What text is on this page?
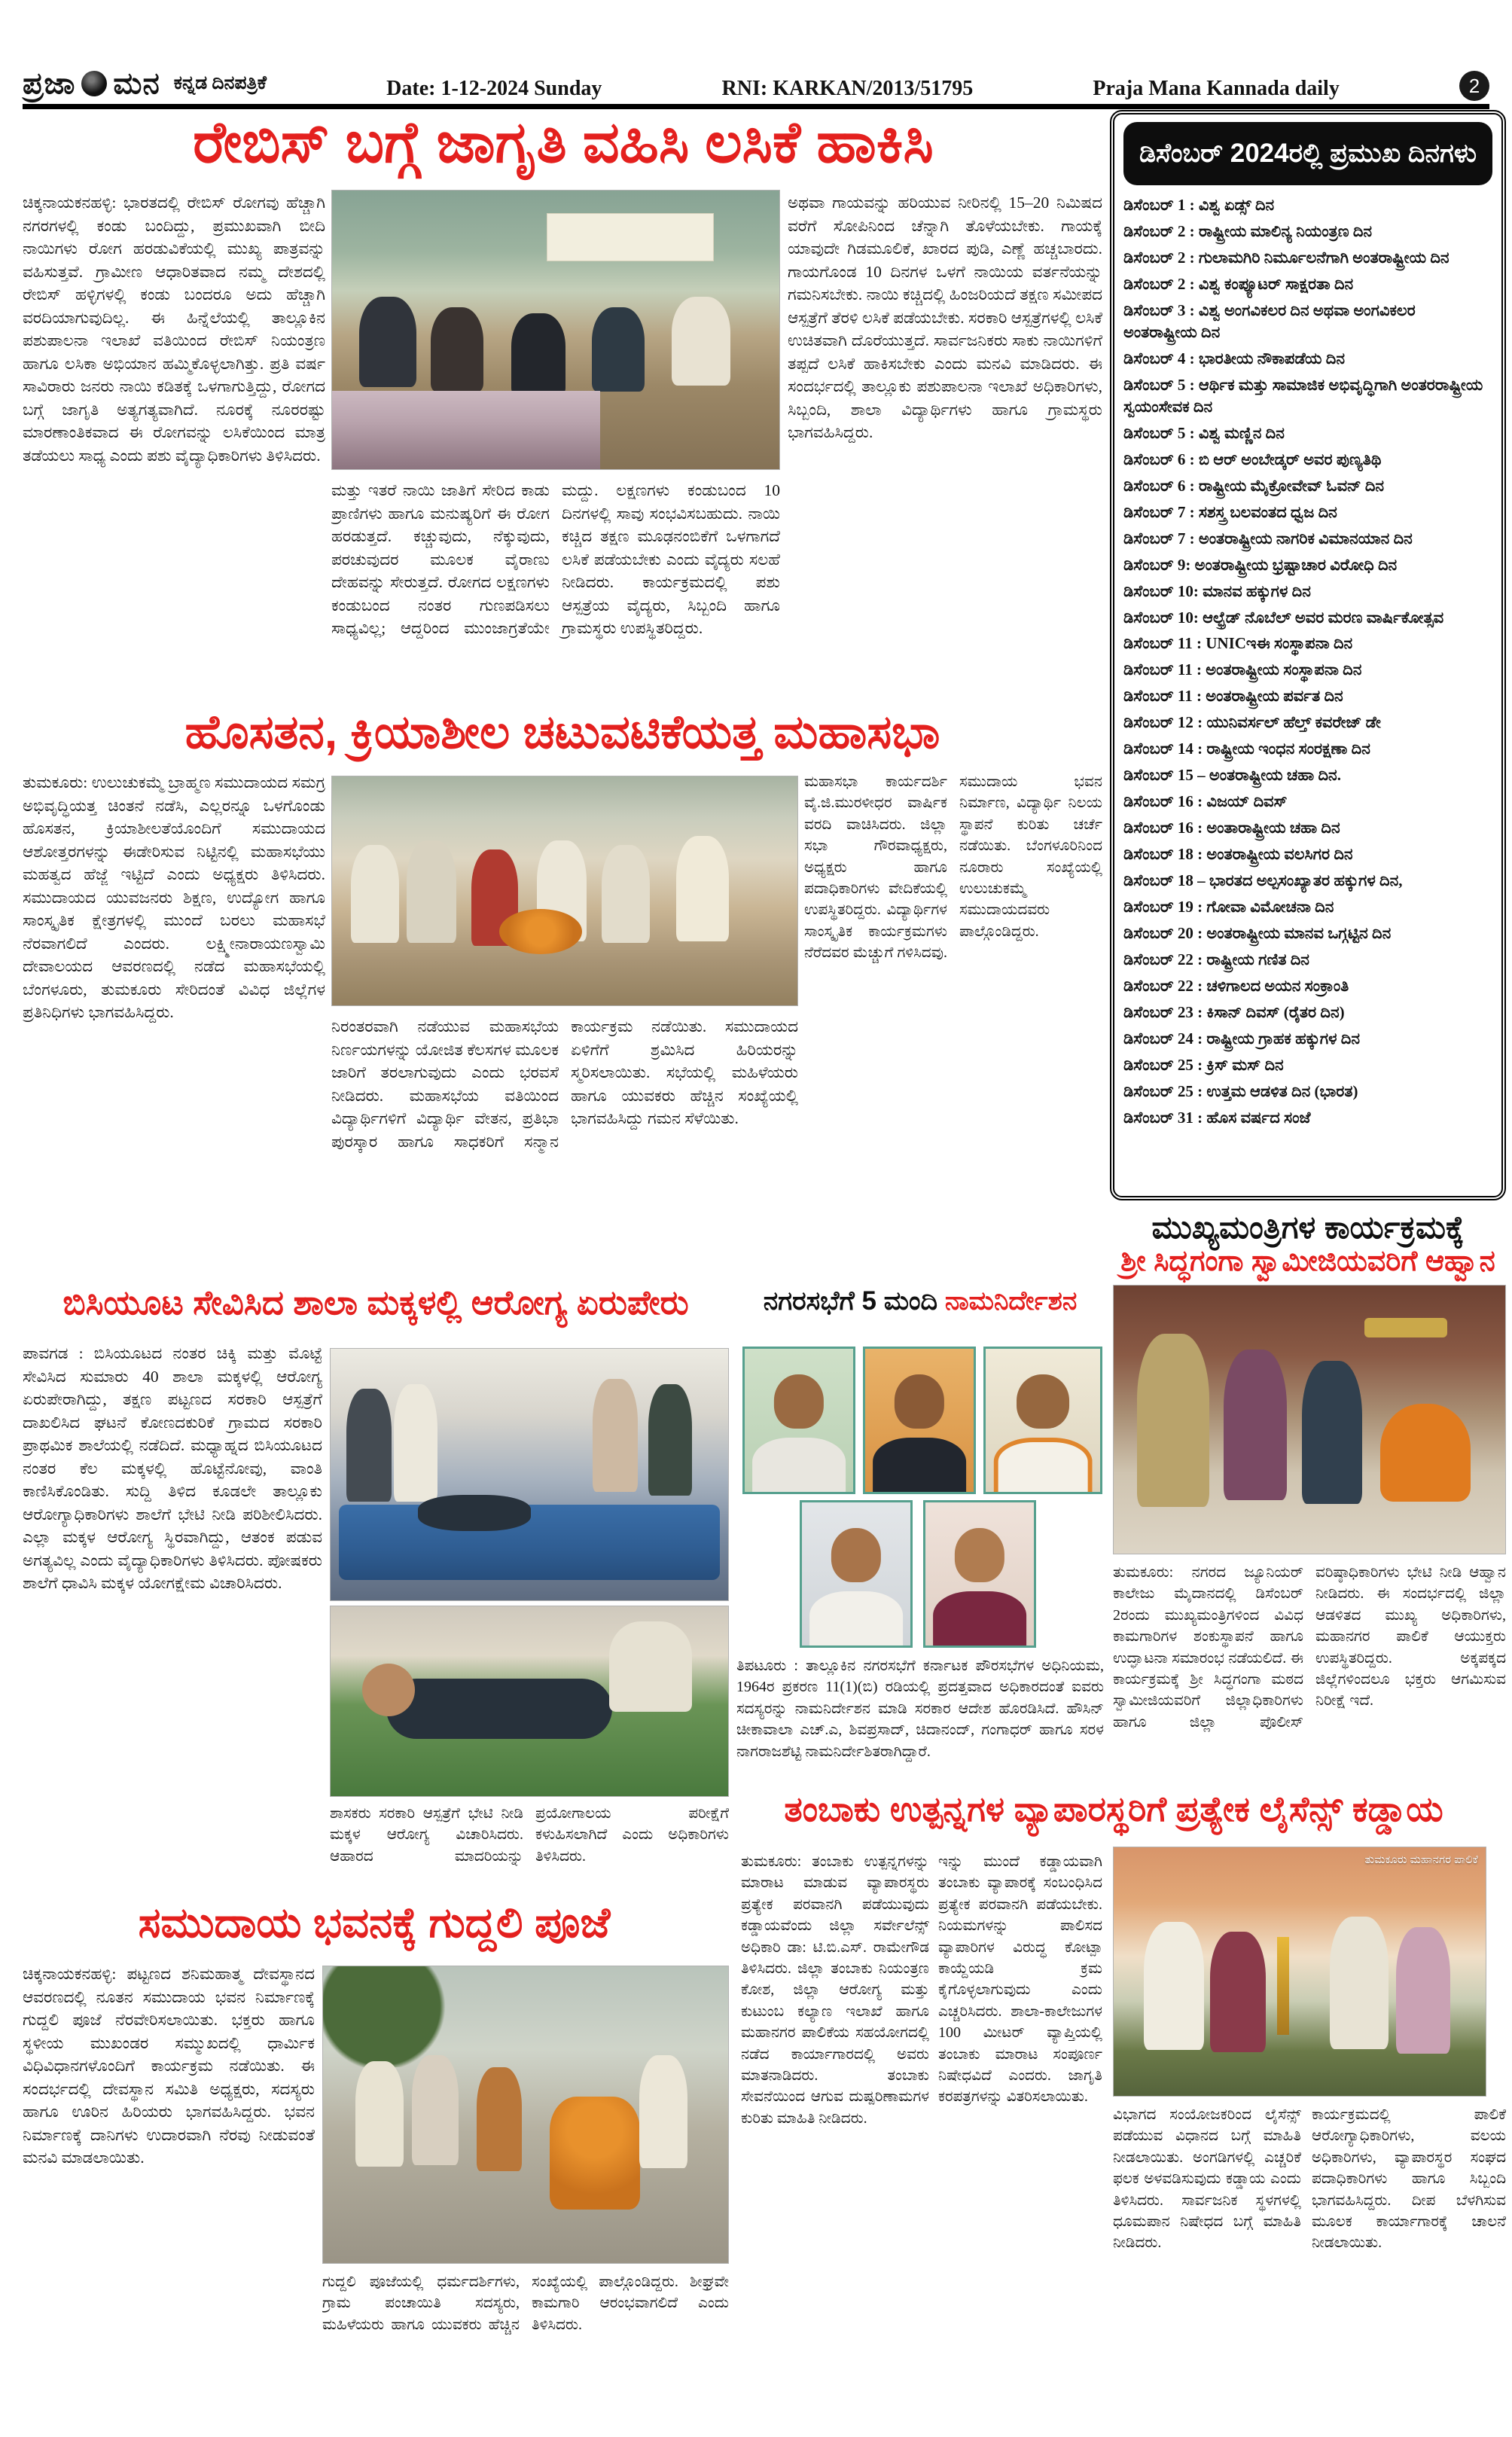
ಪ್ರಜಾ ಮನ ಕನ್ನಡ ದಿನಪತ್ರಿಕೆ	Date: 1-12-2024 Sunday	RNI: KARKAN/2013/51795	Praja Mana Kannada daily	2
ರೇಬಿಸ್ ಬಗ್ಗೆ ಜಾಗೃತಿ ವಹಿಸಿ ಲಸಿಕೆ ಹಾಕಿಸಿ	ಡಿಸೆಂಬರ್ 2024ರಲ್ಲಿ ಪ್ರಮುಖ ದಿನಗಳು
ಡಿಸೆಂಬರ್ 1 : ವಿಶ್ವ ಏಡ್ಸ್ ದಿನ
ಡಿಸೆಂಬರ್ 2 : ರಾಷ್ಟ್ರೀಯ ಮಾಲಿನ್ಯ ನಿಯಂತ್ರಣ ದಿನ
ಡಿಸೆಂಬರ್ 2 : ಗುಲಾಮಗಿರಿ ನಿರ್ಮೂಲನೆಗಾಗಿ ಅಂತರಾಷ್ಟ್ರೀಯ ದಿನ
ಡಿಸೆಂಬರ್ 2 : ವಿಶ್ವ ಕಂಪ್ಯೂಟರ್ ಸಾಕ್ಷರತಾ ದಿನ
ಡಿಸೆಂಬರ್ 3 : ವಿಶ್ವ ಅಂಗವಿಕಲರ ದಿನ ಅಥವಾ ಅಂಗವಿಕಲರ ಅಂತರಾಷ್ಟ್ರೀಯ ದಿನ
ಡಿಸೆಂಬರ್ 4 : ಭಾರತೀಯ ನೌಕಾಪಡೆಯ ದಿನ
ಡಿಸೆಂಬರ್ 5 : ಆರ್ಥಿಕ ಮತ್ತು ಸಾಮಾಜಿಕ ಅಭಿವೃದ್ಧಿಗಾಗಿ ಅಂತರರಾಷ್ಟ್ರೀಯ ಸ್ವಯಂಸೇವಕ ದಿನ
ಡಿಸೆಂಬರ್ 5 : ವಿಶ್ವ ಮಣ್ಣಿನ ದಿನ
ಡಿಸೆಂಬರ್ 6 : ಬಿ ಆರ್ ಅಂಬೇಡ್ಕರ್ ಅವರ ಪುಣ್ಯತಿಥಿ
ಡಿಸೆಂಬರ್ 6 : ರಾಷ್ಟ್ರೀಯ ಮೈಕ್ರೋವೇವ್ ಓವನ್ ದಿನ
ಡಿಸೆಂಬರ್ 7 : ಸಶಸ್ತ್ರ ಬಲವಂತದ ಧ್ವಜ ದಿನ
ಡಿಸೆಂಬರ್ 7 : ಅಂತರಾಷ್ಟ್ರೀಯ ನಾಗರಿಕ ವಿಮಾನಯಾನ ದಿನ
ಡಿಸೆಂಬರ್ 9: ಅಂತರಾಷ್ಟ್ರೀಯ ಭ್ರಷ್ಟಾಚಾರ ವಿರೋಧಿ ದಿನ
ಡಿಸೆಂಬರ್ 10: ಮಾನವ ಹಕ್ಕುಗಳ ದಿನ
ಡಿಸೆಂಬರ್ 10: ಆಲ್ಫ್ರೆಡ್ ನೊಬೆಲ್ ಅವರ ಮರಣ ವಾರ್ಷಿಕೋತ್ಸವ
ಡಿಸೆಂಬರ್ 11 : UNICಇಈ ಸಂಸ್ಥಾಪನಾ ದಿನ
ಡಿಸೆಂಬರ್ 11 : ಅಂತರಾಷ್ಟ್ರೀಯ ಸಂಸ್ಥಾಪನಾ ದಿನ
ಡಿಸೆಂಬರ್ 11 : ಅಂತರಾಷ್ಟ್ರೀಯ ಪರ್ವತ ದಿನ
ಡಿಸೆಂಬರ್ 12 : ಯುನಿವರ್ಸಲ್ ಹೆಲ್ತ್ ಕವರೇಜ್ ಡೇ
ಡಿಸೆಂಬರ್ 14 : ರಾಷ್ಟ್ರೀಯ ಇಂಧನ ಸಂರಕ್ಷಣಾ ದಿನ
ಡಿಸೆಂಬರ್ 15 – ಅಂತರಾಷ್ಟ್ರೀಯ ಚಹಾ ದಿನ.
ಡಿಸೆಂಬರ್ 16 : ವಿಜಯ್ ದಿವಸ್
ಡಿಸೆಂಬರ್ 16 : ಅಂತಾರಾಷ್ಟ್ರೀಯ ಚಹಾ ದಿನ
ಡಿಸೆಂಬರ್ 18 : ಅಂತರಾಷ್ಟ್ರೀಯ ವಲಸಿಗರ ದಿನ
ಡಿಸೆಂಬರ್ 18 – ಭಾರತದ ಅಲ್ಪಸಂಖ್ಯಾತರ ಹಕ್ಕುಗಳ ದಿನ,
ಡಿಸೆಂಬರ್ 19 : ಗೋವಾ ವಿಮೋಚನಾ ದಿನ
ಡಿಸೆಂಬರ್ 20 : ಅಂತರಾಷ್ಟ್ರೀಯ ಮಾನವ ಒಗ್ಗಟ್ಟಿನ ದಿನ
ಡಿಸೆಂಬರ್ 22 : ರಾಷ್ಟ್ರೀಯ ಗಣಿತ ದಿನ
ಡಿಸೆಂಬರ್ 22 : ಚಳಿಗಾಲದ ಅಯನ ಸಂಕ್ರಾಂತಿ
ಡಿಸೆಂಬರ್ 23 : ಕಿಸಾನ್ ದಿವಸ್ (ರೈತರ ದಿನ)
ಡಿಸೆಂಬರ್ 24 : ರಾಷ್ಟ್ರೀಯ ಗ್ರಾಹಕ ಹಕ್ಕುಗಳ ದಿನ
ಡಿಸೆಂಬರ್ 25 : ಕ್ರಿಸ್ ಮಸ್ ದಿನ
ಡಿಸೆಂಬರ್ 25 : ಉತ್ತಮ ಆಡಳಿತ ದಿನ (ಭಾರತ)
ಡಿಸೆಂಬರ್ 31 : ಹೊಸ ವರ್ಷದ ಸಂಜೆ
ಚಿಕ್ಕನಾಯಕನಹಳ್ಳಿ: ಭಾರತದಲ್ಲಿ ರೇಬಿಸ್ ರೋಗವು ಹೆಚ್ಚಾಗಿ ನಗರಗಳಲ್ಲಿ ಕಂಡು ಬಂದಿದ್ದು, ಪ್ರಮುಖವಾಗಿ ಬೀದಿ ನಾಯಿಗಳು ರೋಗ ಹರಡುವಿಕೆಯಲ್ಲಿ ಮುಖ್ಯ ಪಾತ್ರವನ್ನು ವಹಿಸುತ್ತವೆ. ಗ್ರಾಮೀಣ ಆಧಾರಿತವಾದ ನಮ್ಮ ದೇಶದಲ್ಲಿ ರೇಬಿಸ್ ಹಳ್ಳಿಗಳಲ್ಲಿ ಕಂಡು ಬಂದರೂ ಅದು ಹೆಚ್ಚಾಗಿ ವರದಿಯಾಗುವುದಿಲ್ಲ. ಈ ಹಿನ್ನೆಲೆಯಲ್ಲಿ ತಾಲ್ಲೂಕಿನ ಪಶುಪಾಲನಾ ಇಲಾಖೆ ವತಿಯಿಂದ ರೇಬಿಸ್ ನಿಯಂತ್ರಣ ಹಾಗೂ ಲಸಿಕಾ ಅಭಿಯಾನ ಹಮ್ಮಿಕೊಳ್ಳಲಾಗಿತ್ತು. ಪ್ರತಿ ವರ್ಷ ಸಾವಿರಾರು ಜನರು ನಾಯಿ ಕಡಿತಕ್ಕೆ ಒಳಗಾಗುತ್ತಿದ್ದು, ರೋಗದ ಬಗ್ಗೆ ಜಾಗೃತಿ ಅತ್ಯಗತ್ಯವಾಗಿದೆ. ನೂರಕ್ಕೆ ನೂರರಷ್ಟು ಮಾರಣಾಂತಿಕವಾದ ಈ ರೋಗವನ್ನು ಲಸಿಕೆಯಿಂದ ಮಾತ್ರ ತಡೆಯಲು ಸಾಧ್ಯ ಎಂದು ಪಶು ವೈದ್ಯಾಧಿಕಾರಿಗಳು ತಿಳಿಸಿದರು.
ಮತ್ತು ಇತರೆ ನಾಯಿ ಜಾತಿಗೆ ಸೇರಿದ ಕಾಡು ಪ್ರಾಣಿಗಳು ಹಾಗೂ ಮನುಷ್ಯರಿಗೆ ಈ ರೋಗ ಹರಡುತ್ತದೆ. ಕಚ್ಚುವುದು, ನೆಕ್ಕುವುದು, ಪರಚುವುದರ ಮೂಲಕ ವೈರಾಣು ದೇಹವನ್ನು ಸೇರುತ್ತದೆ. ರೋಗದ ಲಕ್ಷಣಗಳು ಕಂಡುಬಂದ ನಂತರ ಗುಣಪಡಿಸಲು ಸಾಧ್ಯವಿಲ್ಲ; ಆದ್ದರಿಂದ ಮುಂಜಾಗ್ರತೆಯೇ ಮದ್ದು. ಲಕ್ಷಣಗಳು ಕಂಡುಬಂದ 10 ದಿನಗಳಲ್ಲಿ ಸಾವು ಸಂಭವಿಸಬಹುದು. ನಾಯಿ ಕಚ್ಚಿದ ತಕ್ಷಣ ಮೂಢನಂಬಿಕೆಗೆ ಒಳಗಾಗದೆ ಲಸಿಕೆ ಪಡೆಯಬೇಕು ಎಂದು ವೈದ್ಯರು ಸಲಹೆ ನೀಡಿದರು. ಕಾರ್ಯಕ್ರಮದಲ್ಲಿ ಪಶು ಆಸ್ಪತ್ರೆಯ ವೈದ್ಯರು, ಸಿಬ್ಬಂದಿ ಹಾಗೂ ಗ್ರಾಮಸ್ಥರು ಉಪಸ್ಥಿತರಿದ್ದರು.
ಅಥವಾ ಗಾಯವನ್ನು ಹರಿಯುವ ನೀರಿನಲ್ಲಿ 15–20 ನಿಮಿಷದ ವರೆಗೆ ಸೋಪಿನಿಂದ ಚೆನ್ನಾಗಿ ತೊಳೆಯಬೇಕು. ಗಾಯಕ್ಕೆ ಯಾವುದೇ ಗಿಡಮೂಲಿಕೆ, ಖಾರದ ಪುಡಿ, ಎಣ್ಣೆ ಹಚ್ಚಬಾರದು. ಗಾಯಗೊಂಡ 10 ದಿನಗಳ ಒಳಗೆ ನಾಯಿಯ ವರ್ತನೆಯನ್ನು ಗಮನಿಸಬೇಕು. ನಾಯಿ ಕಚ್ಚಿದಲ್ಲಿ ಹಿಂಜರಿಯದೆ ತಕ್ಷಣ ಸಮೀಪದ ಆಸ್ಪತ್ರೆಗೆ ತೆರಳಿ ಲಸಿಕೆ ಪಡೆಯಬೇಕು. ಸರಕಾರಿ ಆಸ್ಪತ್ರೆಗಳಲ್ಲಿ ಲಸಿಕೆ ಉಚಿತವಾಗಿ ದೊರೆಯುತ್ತದೆ. ಸಾರ್ವಜನಿಕರು ಸಾಕು ನಾಯಿಗಳಿಗೆ ತಪ್ಪದೆ ಲಸಿಕೆ ಹಾಕಿಸಬೇಕು ಎಂದು ಮನವಿ ಮಾಡಿದರು. ಈ ಸಂದರ್ಭದಲ್ಲಿ ತಾಲ್ಲೂಕು ಪಶುಪಾಲನಾ ಇಲಾಖೆ ಅಧಿಕಾರಿಗಳು, ಸಿಬ್ಬಂದಿ, ಶಾಲಾ ವಿದ್ಯಾರ್ಥಿಗಳು ಹಾಗೂ ಗ್ರಾಮಸ್ಥರು ಭಾಗವಹಿಸಿದ್ದರು.
ಹೊಸತನ, ಕ್ರಿಯಾಶೀಲ ಚಟುವಟಿಕೆಯತ್ತ ಮಹಾಸಭಾ
ತುಮಕೂರು: ಉಲುಚುಕಮ್ಮೆ ಬ್ರಾಹ್ಮಣ ಸಮುದಾಯದ ಸಮಗ್ರ ಅಭಿವೃದ್ಧಿಯತ್ತ ಚಿಂತನೆ ನಡೆಸಿ, ಎಲ್ಲರನ್ನೂ ಒಳಗೊಂಡು ಹೊಸತನ, ಕ್ರಿಯಾಶೀಲತೆಯೊಂದಿಗೆ ಸಮುದಾಯದ ಆಶೋತ್ತರಗಳನ್ನು ಈಡೇರಿಸುವ ನಿಟ್ಟಿನಲ್ಲಿ ಮಹಾಸಭೆಯು ಮಹತ್ವದ ಹೆಜ್ಜೆ ಇಟ್ಟಿದೆ ಎಂದು ಅಧ್ಯಕ್ಷರು ತಿಳಿಸಿದರು. ಸಮುದಾಯದ ಯುವಜನರು ಶಿಕ್ಷಣ, ಉದ್ಯೋಗ ಹಾಗೂ ಸಾಂಸ್ಕೃತಿಕ ಕ್ಷೇತ್ರಗಳಲ್ಲಿ ಮುಂದೆ ಬರಲು ಮಹಾಸಭೆ ನೆರವಾಗಲಿದೆ ಎಂದರು. ಲಕ್ಷ್ಮೀನಾರಾಯಣಸ್ವಾಮಿ ದೇವಾಲಯದ ಆವರಣದಲ್ಲಿ ನಡೆದ ಮಹಾಸಭೆಯಲ್ಲಿ ಬೆಂಗಳೂರು, ತುಮಕೂರು ಸೇರಿದಂತೆ ವಿವಿಧ ಜಿಲ್ಲೆಗಳ ಪ್ರತಿನಿಧಿಗಳು ಭಾಗವಹಿಸಿದ್ದರು.
ನಿರಂತರವಾಗಿ ನಡೆಯುವ ಮಹಾಸಭೆಯ ನಿರ್ಣಯಗಳನ್ನು ಯೋಜಿತ ಕೆಲಸಗಳ ಮೂಲಕ ಜಾರಿಗೆ ತರಲಾಗುವುದು ಎಂದು ಭರವಸೆ ನೀಡಿದರು. ಮಹಾಸಭೆಯ ವತಿಯಿಂದ ವಿದ್ಯಾರ್ಥಿಗಳಿಗೆ ವಿದ್ಯಾರ್ಥಿ ವೇತನ, ಪ್ರತಿಭಾ ಪುರಸ್ಕಾರ ಹಾಗೂ ಸಾಧಕರಿಗೆ ಸನ್ಮಾನ ಕಾರ್ಯಕ್ರಮ ನಡೆಯಿತು. ಸಮುದಾಯದ ಏಳಿಗೆಗೆ ಶ್ರಮಿಸಿದ ಹಿರಿಯರನ್ನು ಸ್ಮರಿಸಲಾಯಿತು. ಸಭೆಯಲ್ಲಿ ಮಹಿಳೆಯರು ಹಾಗೂ ಯುವಕರು ಹೆಚ್ಚಿನ ಸಂಖ್ಯೆಯಲ್ಲಿ ಭಾಗವಹಿಸಿದ್ದು ಗಮನ ಸೆಳೆಯಿತು.
ಮಹಾಸಭಾ ಕಾರ್ಯದರ್ಶಿ ವೈ.ಜಿ.ಮುರಳೀಧರ ವಾರ್ಷಿಕ ವರದಿ ವಾಚಿಸಿದರು. ಜಿಲ್ಲಾ ಸಭಾ ಗೌರವಾಧ್ಯಕ್ಷರು, ಅಧ್ಯಕ್ಷರು ಹಾಗೂ ಪದಾಧಿಕಾರಿಗಳು ವೇದಿಕೆಯಲ್ಲಿ ಉಪಸ್ಥಿತರಿದ್ದರು. ವಿದ್ಯಾರ್ಥಿಗಳ ಸಾಂಸ್ಕೃತಿಕ ಕಾರ್ಯಕ್ರಮಗಳು ನೆರೆದವರ ಮೆಚ್ಚುಗೆ ಗಳಿಸಿದವು. ಸಮುದಾಯ ಭವನ ನಿರ್ಮಾಣ, ವಿದ್ಯಾರ್ಥಿ ನಿಲಯ ಸ್ಥಾಪನೆ ಕುರಿತು ಚರ್ಚೆ ನಡೆಯಿತು. ಬೆಂಗಳೂರಿನಿಂದ ನೂರಾರು ಸಂಖ್ಯೆಯಲ್ಲಿ ಉಲುಚುಕಮ್ಮೆ ಸಮುದಾಯದವರು ಪಾಲ್ಗೊಂಡಿದ್ದರು.
ಮುಖ್ಯಮಂತ್ರಿಗಳ ಕಾರ್ಯಕ್ರಮಕ್ಕೆ
ಶ್ರೀ ಸಿದ್ಧಗಂಗಾ ಸ್ವಾಮೀಜಿಯವರಿಗೆ ಆಹ್ವಾನ
ತುಮಕೂರು: ನಗರದ ಜ್ಯೂನಿಯರ್ ಕಾಲೇಜು ಮೈದಾನದಲ್ಲಿ ಡಿಸೆಂಬರ್ 2ರಂದು ಮುಖ್ಯಮಂತ್ರಿಗಳಿಂದ ವಿವಿಧ ಕಾಮಗಾರಿಗಳ ಶಂಕುಸ್ಥಾಪನೆ ಹಾಗೂ ಉದ್ಘಾಟನಾ ಸಮಾರಂಭ ನಡೆಯಲಿದೆ. ಈ ಕಾರ್ಯಕ್ರಮಕ್ಕೆ ಶ್ರೀ ಸಿದ್ಧಗಂಗಾ ಮಠದ ಸ್ವಾಮೀಜಿಯವರಿಗೆ ಜಿಲ್ಲಾಧಿಕಾರಿಗಳು ಹಾಗೂ ಜಿಲ್ಲಾ ಪೊಲೀಸ್ ವರಿಷ್ಠಾಧಿಕಾರಿಗಳು ಭೇಟಿ ನೀಡಿ ಆಹ್ವಾನ ನೀಡಿದರು. ಈ ಸಂದರ್ಭದಲ್ಲಿ ಜಿಲ್ಲಾ ಆಡಳಿತದ ಮುಖ್ಯ ಅಧಿಕಾರಿಗಳು, ಮಹಾನಗರ ಪಾಲಿಕೆ ಆಯುಕ್ತರು ಉಪಸ್ಥಿತರಿದ್ದರು. ಅಕ್ಕಪಕ್ಕದ ಜಿಲ್ಲೆಗಳಿಂದಲೂ ಭಕ್ತರು ಆಗಮಿಸುವ ನಿರೀಕ್ಷೆ ಇದೆ.
ಬಿಸಿಯೂಟ ಸೇವಿಸಿದ ಶಾಲಾ ಮಕ್ಕಳಲ್ಲಿ ಆರೋಗ್ಯ ಏರುಪೇರು	ನಗರಸಭೆಗೆ 5 ಮಂದಿ ನಾಮನಿರ್ದೇಶನ
ಪಾವಗಡ : ಬಿಸಿಯೂಟದ ನಂತರ ಚಿಕ್ಕಿ ಮತ್ತು ಮೊಟ್ಟೆ ಸೇವಿಸಿದ ಸುಮಾರು 40 ಶಾಲಾ ಮಕ್ಕಳಲ್ಲಿ ಆರೋಗ್ಯ ಏರುಪೇರಾಗಿದ್ದು, ತಕ್ಷಣ ಪಟ್ಟಣದ ಸರಕಾರಿ ಆಸ್ಪತ್ರೆಗೆ ದಾಖಲಿಸಿದ ಘಟನೆ ಕೋಣದಕುರಿಕೆ ಗ್ರಾಮದ ಸರಕಾರಿ ಪ್ರಾಥಮಿಕ ಶಾಲೆಯಲ್ಲಿ ನಡೆದಿದೆ. ಮಧ್ಯಾಹ್ನದ ಬಿಸಿಯೂಟದ ನಂತರ ಕೆಲ ಮಕ್ಕಳಲ್ಲಿ ಹೊಟ್ಟೆನೋವು, ವಾಂತಿ ಕಾಣಿಸಿಕೊಂಡಿತು. ಸುದ್ದಿ ತಿಳಿದ ಕೂಡಲೇ ತಾಲ್ಲೂಕು ಆರೋಗ್ಯಾಧಿಕಾರಿಗಳು ಶಾಲೆಗೆ ಭೇಟಿ ನೀಡಿ ಪರಿಶೀಲಿಸಿದರು. ಎಲ್ಲಾ ಮಕ್ಕಳ ಆರೋಗ್ಯ ಸ್ಥಿರವಾಗಿದ್ದು, ಆತಂಕ ಪಡುವ ಅಗತ್ಯವಿಲ್ಲ ಎಂದು ವೈದ್ಯಾಧಿಕಾರಿಗಳು ತಿಳಿಸಿದರು. ಪೋಷಕರು ಶಾಲೆಗೆ ಧಾವಿಸಿ ಮಕ್ಕಳ ಯೋಗಕ್ಷೇಮ ವಿಚಾರಿಸಿದರು.
ಶಾಸಕರು ಸರಕಾರಿ ಆಸ್ಪತ್ರೆಗೆ ಭೇಟಿ ನೀಡಿ ಮಕ್ಕಳ ಆರೋಗ್ಯ ವಿಚಾರಿಸಿದರು. ಆಹಾರದ ಮಾದರಿಯನ್ನು ಪ್ರಯೋಗಾಲಯ ಪರೀಕ್ಷೆಗೆ ಕಳುಹಿಸಲಾಗಿದೆ ಎಂದು ಅಧಿಕಾರಿಗಳು ತಿಳಿಸಿದರು.
ತಿಪಟೂರು : ತಾಲ್ಲೂಕಿನ ನಗರಸಭೆಗೆ ಕರ್ನಾಟಕ ಪೌರಸಭೆಗಳ ಅಧಿನಿಯಮ, 1964ರ ಪ್ರಕರಣ 11(1)(ಬಿ) ರಡಿಯಲ್ಲಿ ಪ್ರದತ್ತವಾದ ಅಧಿಕಾರದಂತೆ ಐವರು ಸದಸ್ಯರನ್ನು ನಾಮನಿರ್ದೇಶನ ಮಾಡಿ ಸರಕಾರ ಆದೇಶ ಹೊರಡಿಸಿದೆ. ಹೌಸಿನ್ ಚೀಕಾವಾಲಾ ಎಚ್.ಎ, ಶಿವಪ್ರಸಾದ್, ಚಿದಾನಂದ್, ಗಂಗಾಧರ್ ಹಾಗೂ ಸರಳ ನಾಗರಾಜಶೆಟ್ಟಿ ನಾಮನಿರ್ದೇಶಿತರಾಗಿದ್ದಾರೆ.
ತಂಬಾಕು ಉತ್ಪನ್ನಗಳ ವ್ಯಾಪಾರಸ್ಥರಿಗೆ ಪ್ರತ್ಯೇಕ ಲೈಸೆನ್ಸ್ ಕಡ್ಡಾಯ
ತುಮಕೂರು: ತಂಬಾಕು ಉತ್ಪನ್ನಗಳನ್ನು ಮಾರಾಟ ಮಾಡುವ ವ್ಯಾಪಾರಸ್ಥರು ಪ್ರತ್ಯೇಕ ಪರವಾನಗಿ ಪಡೆಯುವುದು ಕಡ್ಡಾಯವೆಂದು ಜಿಲ್ಲಾ ಸರ್ವೇಲೆನ್ಸ್ ಅಧಿಕಾರಿ ಡಾ: ಟಿ.ಬಿ.ಎಸ್. ರಾಮೇಗೌಡ ತಿಳಿಸಿದರು. ಜಿಲ್ಲಾ ತಂಬಾಕು ನಿಯಂತ್ರಣ ಕೋಶ, ಜಿಲ್ಲಾ ಆರೋಗ್ಯ ಮತ್ತು ಕುಟುಂಬ ಕಲ್ಯಾಣ ಇಲಾಖೆ ಹಾಗೂ ಮಹಾನಗರ ಪಾಲಿಕೆಯ ಸಹಯೋಗದಲ್ಲಿ ನಡೆದ ಕಾರ್ಯಾಗಾರದಲ್ಲಿ ಅವರು ಮಾತನಾಡಿದರು. ತಂಬಾಕು ಸೇವನೆಯಿಂದ ಆಗುವ ದುಷ್ಪರಿಣಾಮಗಳ ಕುರಿತು ಮಾಹಿತಿ ನೀಡಿದರು.
ಇನ್ನು ಮುಂದೆ ಕಡ್ಡಾಯವಾಗಿ ತಂಬಾಕು ವ್ಯಾಪಾರಕ್ಕೆ ಸಂಬಂಧಿಸಿದ ಪ್ರತ್ಯೇಕ ಪರವಾನಗಿ ಪಡೆಯಬೇಕು. ನಿಯಮಗಳನ್ನು ಪಾಲಿಸದ ವ್ಯಾಪಾರಿಗಳ ವಿರುದ್ಧ ಕೋಟ್ಪಾ ಕಾಯ್ದೆಯಡಿ ಕ್ರಮ ಕೈಗೊಳ್ಳಲಾಗುವುದು ಎಂದು ಎಚ್ಚರಿಸಿದರು. ಶಾಲಾ-ಕಾಲೇಜುಗಳ 100 ಮೀಟರ್ ವ್ಯಾಪ್ತಿಯಲ್ಲಿ ತಂಬಾಕು ಮಾರಾಟ ಸಂಪೂರ್ಣ ನಿಷೇಧವಿದೆ ಎಂದರು. ಜಾಗೃತಿ ಕರಪತ್ರಗಳನ್ನು ವಿತರಿಸಲಾಯಿತು.
ತುಮಕೂರು ಮಹಾನಗರ ಪಾಲಿಕೆ
ವಿಭಾಗದ ಸಂಯೋಜಕರಿಂದ ಲೈಸೆನ್ಸ್ ಪಡೆಯುವ ವಿಧಾನದ ಬಗ್ಗೆ ಮಾಹಿತಿ ನೀಡಲಾಯಿತು. ಅಂಗಡಿಗಳಲ್ಲಿ ಎಚ್ಚರಿಕೆ ಫಲಕ ಅಳವಡಿಸುವುದು ಕಡ್ಡಾಯ ಎಂದು ತಿಳಿಸಿದರು. ಸಾರ್ವಜನಿಕ ಸ್ಥಳಗಳಲ್ಲಿ ಧೂಮಪಾನ ನಿಷೇಧದ ಬಗ್ಗೆ ಮಾಹಿತಿ ನೀಡಿದರು.
ಕಾರ್ಯಕ್ರಮದಲ್ಲಿ ಪಾಲಿಕೆ ಆರೋಗ್ಯಾಧಿಕಾರಿಗಳು, ವಲಯ ಅಧಿಕಾರಿಗಳು, ವ್ಯಾಪಾರಸ್ಥರ ಸಂಘದ ಪದಾಧಿಕಾರಿಗಳು ಹಾಗೂ ಸಿಬ್ಬಂದಿ ಭಾಗವಹಿಸಿದ್ದರು. ದೀಪ ಬೆಳಗಿಸುವ ಮೂಲಕ ಕಾರ್ಯಾಗಾರಕ್ಕೆ ಚಾಲನೆ ನೀಡಲಾಯಿತು.
ಸಮುದಾಯ ಭವನಕ್ಕೆ ಗುದ್ದಲಿ ಪೂಜೆ
ಚಿಕ್ಕನಾಯಕನಹಳ್ಳಿ: ಪಟ್ಟಣದ ಶನಿಮಹಾತ್ಮ ದೇವಸ್ಥಾನದ ಆವರಣದಲ್ಲಿ ನೂತನ ಸಮುದಾಯ ಭವನ ನಿರ್ಮಾಣಕ್ಕೆ ಗುದ್ದಲಿ ಪೂಜೆ ನೆರವೇರಿಸಲಾಯಿತು. ಭಕ್ತರು ಹಾಗೂ ಸ್ಥಳೀಯ ಮುಖಂಡರ ಸಮ್ಮುಖದಲ್ಲಿ ಧಾರ್ಮಿಕ ವಿಧಿವಿಧಾನಗಳೊಂದಿಗೆ ಕಾರ್ಯಕ್ರಮ ನಡೆಯಿತು. ಈ ಸಂದರ್ಭದಲ್ಲಿ ದೇವಸ್ಥಾನ ಸಮಿತಿ ಅಧ್ಯಕ್ಷರು, ಸದಸ್ಯರು ಹಾಗೂ ಊರಿನ ಹಿರಿಯರು ಭಾಗವಹಿಸಿದ್ದರು. ಭವನ ನಿರ್ಮಾಣಕ್ಕೆ ದಾನಿಗಳು ಉದಾರವಾಗಿ ನೆರವು ನೀಡುವಂತೆ ಮನವಿ ಮಾಡಲಾಯಿತು.
ಗುದ್ದಲಿ ಪೂಜೆಯಲ್ಲಿ ಧರ್ಮದರ್ಶಿಗಳು, ಗ್ರಾಮ ಪಂಚಾಯಿತಿ ಸದಸ್ಯರು, ಮಹಿಳೆಯರು ಹಾಗೂ ಯುವಕರು ಹೆಚ್ಚಿನ ಸಂಖ್ಯೆಯಲ್ಲಿ ಪಾಲ್ಗೊಂಡಿದ್ದರು. ಶೀಘ್ರವೇ ಕಾಮಗಾರಿ ಆರಂಭವಾಗಲಿದೆ ಎಂದು ತಿಳಿಸಿದರು.
